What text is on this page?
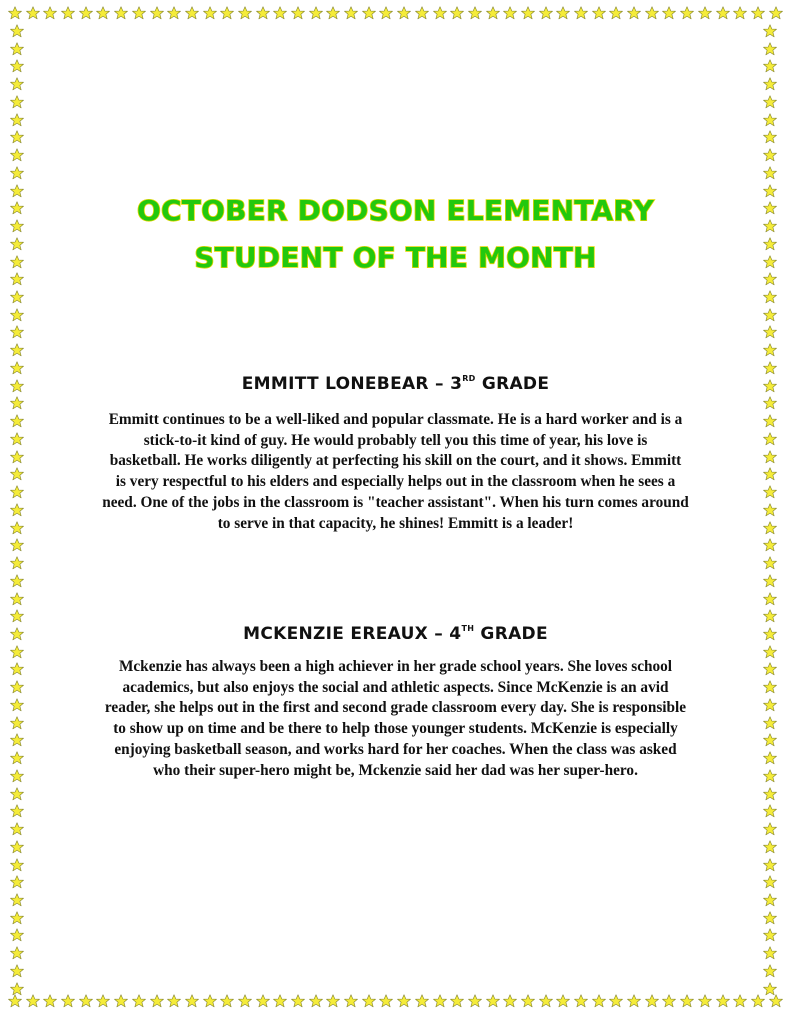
OCTOBER DODSON ELEMENTARY
STUDENT OF THE MONTH
EMMITT LONEBEAR – 3RD GRADE
Emmitt continues to be a well-liked and popular classmate. He is a hard worker and is a
stick-to-it kind of guy. He would probably tell you this time of year, his love is
basketball. He works diligently at perfecting his skill on the court, and it shows. Emmitt
is very respectful to his elders and especially helps out in the classroom when he sees a
need. One of the jobs in the classroom is "teacher assistant". When his turn comes around
to serve in that capacity, he shines! Emmitt is a leader!
MCKENZIE EREAUX – 4TH GRADE
Mckenzie has always been a high achiever in her grade school years. She loves school
academics, but also enjoys the social and athletic aspects. Since McKenzie is an avid
reader, she helps out in the first and second grade classroom every day. She is responsible
to show up on time and be there to help those younger students. McKenzie is especially
enjoying basketball season, and works hard for her coaches. When the class was asked
who their super-hero might be, Mckenzie said her dad was her super-hero.
